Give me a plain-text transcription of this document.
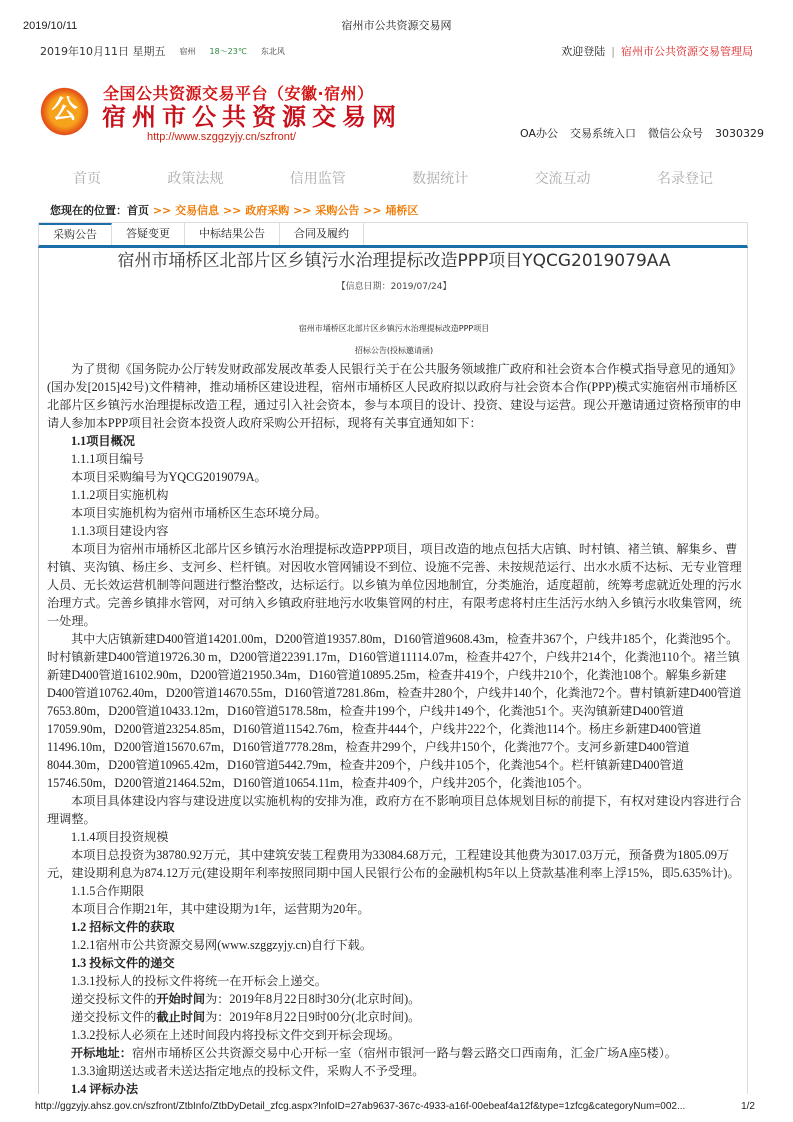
2019/10/11	宿州市公共资源交易网
2019年10月11日 星期五 宿州 18～23℃ 东北风	欢迎登陆 | 宿州市公共资源交易管理局
公
全国公共资源交易平台（安徽·宿州）
宿州市公共资源交易网
http://www.szggzyjy.cn/szfront/	OA办公 交易系统入口 微信公众号 3030329
首页	政策法规	信用监管	数据统计	交流互动	名录登记
您现在的位置：首页 >> 交易信息 >> 政府采购 >> 采购公告 >> 埇桥区
采购公告	答疑变更	中标结果公告	合同及履约
宿州市埇桥区北部片区乡镇污水治理提标改造PPP项目YQCG2019079AA
【信息日期：2019/07/24】
宿州市埇桥区北部片区乡镇污水治理提标改造PPP项目
招标公告(投标邀请函)

为了贯彻《国务院办公厅转发财政部发展改革委人民银行关于在公共服务领域推广政府和社会资本合作模式指导意见的通知》(国办发[2015]42号)文件精神，推动埇桥区建设进程，宿州市埇桥区人民政府拟以政府与社会资本合作(PPP)模式实施宿州市埇桥区北部片区乡镇污水治理提标改造工程，通过引入社会资本，参与本项目的设计、投资、建设与运营。现公开邀请通过资格预审的申请人参加本PPP项目社会资本投资人政府采购公开招标，现将有关事宜通知如下：

1.1项目概况

1.1.1项目编号

本项目采购编号为YQCG2019079A。

1.1.2项目实施机构

本项目实施机构为宿州市埇桥区生态环境分局。

1.1.3项目建设内容

本项目为宿州市埇桥区北部片区乡镇污水治理提标改造PPP项目，项目改造的地点包括大店镇、时村镇、褚兰镇、解集乡、曹村镇、夹沟镇、杨庄乡、支河乡、栏杆镇。对因收水管网铺设不到位、设施不完善、未按规范运行、出水水质不达标、无专业管理人员、无长效运营机制等问题进行整治整改，达标运行。以乡镇为单位因地制宜，分类施治，适度超前，统筹考虑就近处理的污水治理方式。完善乡镇排水管网，对可纳入乡镇政府驻地污水收集管网的村庄，有限考虑将村庄生活污水纳入乡镇污水收集管网，统一处理。

其中大店镇新建D400管道14201.00m，D200管道19357.80m，D160管道9608.43m，检查井367个，户线井185个，化粪池95个。时村镇新建D400管道19726.30 m，D200管道22391.17m，D160管道11114.07m，检查井427个，户线井214个，化粪池110个。褚兰镇新建D400管道16102.90m，D200管道21950.34m，D160管道10895.25m，检查井419个，户线井210个，化粪池108个。解集乡新建D400管道10762.40m，D200管道14670.55m，D160管道7281.86m，检查井280个，户线井140个，化粪池72个。曹村镇新建D400管道7653.80m，D200管道10433.12m，D160管道5178.58m，检查井199个，户线井149个，化粪池51个。夹沟镇新建D400管道17059.90m，D200管道23254.85m，D160管道11542.76m，检查井444个，户线井222个，化粪池114个。杨庄乡新建D400管道11496.10m，D200管道15670.67m，D160管道7778.28m，检查井299个，户线井150个，化粪池77个。支河乡新建D400管道8044.30m，D200管道10965.42m，D160管道5442.79m，检查井209个，户线井105个，化粪池54个。栏杆镇新建D400管道15746.50m，D200管道21464.52m，D160管道10654.11m，检查井409个，户线井205个，化粪池105个。

本项目具体建设内容与建设进度以实施机构的安排为准，政府方在不影响项目总体规划目标的前提下，有权对建设内容进行合理调整。

1.1.4项目投资规模

本项目总投资为38780.92万元，其中建筑安装工程费用为33084.68万元，工程建设其他费为3017.03万元，预备费为1805.09万元，建设期利息为874.12万元(建设期年利率按照同期中国人民银行公布的金融机构5年以上贷款基准利率上浮15%，即5.635%计)。

1.1.5合作期限

本项目合作期21年，其中建设期为1年，运营期为20年。

1.2 招标文件的获取

1.2.1宿州市公共资源交易网(www.szggzyjy.cn)自行下载。

1.3 投标文件的递交

1.3.1投标人的投标文件将统一在开标会上递交。

递交投标文件的开始时间为：2019年8月22日8时30分(北京时间)。

递交投标文件的截止时间为：2019年8月22日9时00分(北京时间)。

1.3.2投标人必须在上述时间段内将投标文件交到开标会现场。

开标地址：宿州市埇桥区公共资源交易中心开标一室（宿州市银河一路与磐云路交口西南角，汇金广场A座5楼）。

1.3.3逾期送达或者未送达指定地点的投标文件，采购人不予受理。

1.4 评标办法

http://ggzyjy.ahsz.gov.cn/szfront/ZtbInfo/ZtbDyDetail_zfcg.aspx?InfoID=27ab9637-367c-4933-a16f-00ebeaf4a12f&type=1zfcg&categoryNum=002...	1/2
